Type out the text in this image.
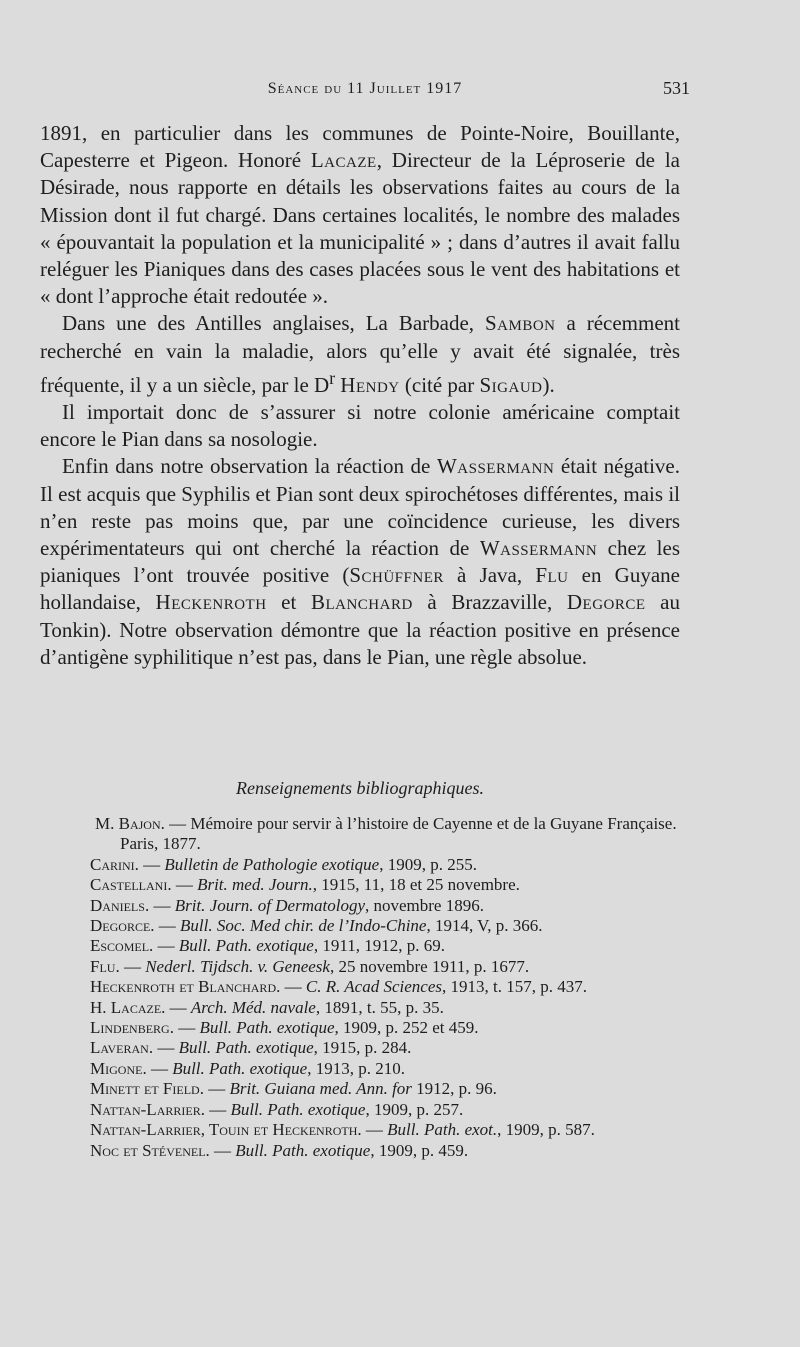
Séance du 11 Juillet 1917	531

1891, en particulier dans les communes de Pointe-Noire, Bouillante, Capesterre et Pigeon. Honoré Lacaze, Directeur de la Léproserie de la Désirade, nous rapporte en détails les observations faites au cours de la Mission dont il fut chargé. Dans certaines localités, le nombre des malades « épouvantait la population et la municipalité » ; dans d’autres il avait fallu reléguer les Pianiques dans des cases placées sous le vent des habitations et « dont l’approche était redoutée ».

Dans une des Antilles anglaises, La Barbade, Sambon a récemment recherché en vain la maladie, alors qu’elle y avait été signalée, très fréquente, il y a un siècle, par le $D^r$ Hendy (cité par Sigaud).

Il importait donc de s’assurer si notre colonie américaine comptait encore le Pian dans sa nosologie.

Enfin dans notre observation la réaction de Wassermann était négative. Il est acquis que Syphilis et Pian sont deux spirochétoses différentes, mais il n’en reste pas moins que, par une coïncidence curieuse, les divers expérimentateurs qui ont cherché la réaction de Wassermann chez les pianiques l’ont trouvée positive (Schüffner à Java, Flu en Guyane hollandaise, Heckenroth et Blanchard à Brazzaville, Degorce au Tonkin). Notre observation démontre que la réaction positive en présence d’antigène syphilitique n’est pas, dans le Pian, une règle absolue.

Renseignements bibliographiques.
M. Bajon. — Mémoire pour servir à l’histoire de Cayenne et de la Guyane Française. Paris, 1877.
Carini. — Bulletin de Pathologie exotique, 1909, p. 255.
Castellani. — Brit. med. Journ., 1915, 11, 18 et 25 novembre.
Daniels. — Brit. Journ. of Dermatology, novembre 1896.
Degorce. — Bull. Soc. Med chir. de l’Indo-Chine, 1914, V, p. 366.
Escomel. — Bull. Path. exotique, 1911, 1912, p. 69.
Flu. — Nederl. Tijdsch. v. Geneesk, 25 novembre 1911, p. 1677.
Heckenroth et Blanchard. — C. R. Acad Sciences, 1913, t. 157, p. 437.
H. Lacaze. — Arch. Méd. navale, 1891, t. 55, p. 35.
Lindenberg. — Bull. Path. exotique, 1909, p. 252 et 459.
Laveran. — Bull. Path. exotique, 1915, p. 284.
Migone. — Bull. Path. exotique, 1913, p. 210.
Minett et Field. — Brit. Guiana med. Ann. for 1912, p. 96.
Nattan-Larrier. — Bull. Path. exotique, 1909, p. 257.
Nattan-Larrier, Touin et Heckenroth. — Bull. Path. exot., 1909, p. 587.
Noc et Stévenel. — Bull. Path. exotique, 1909, p. 459.
